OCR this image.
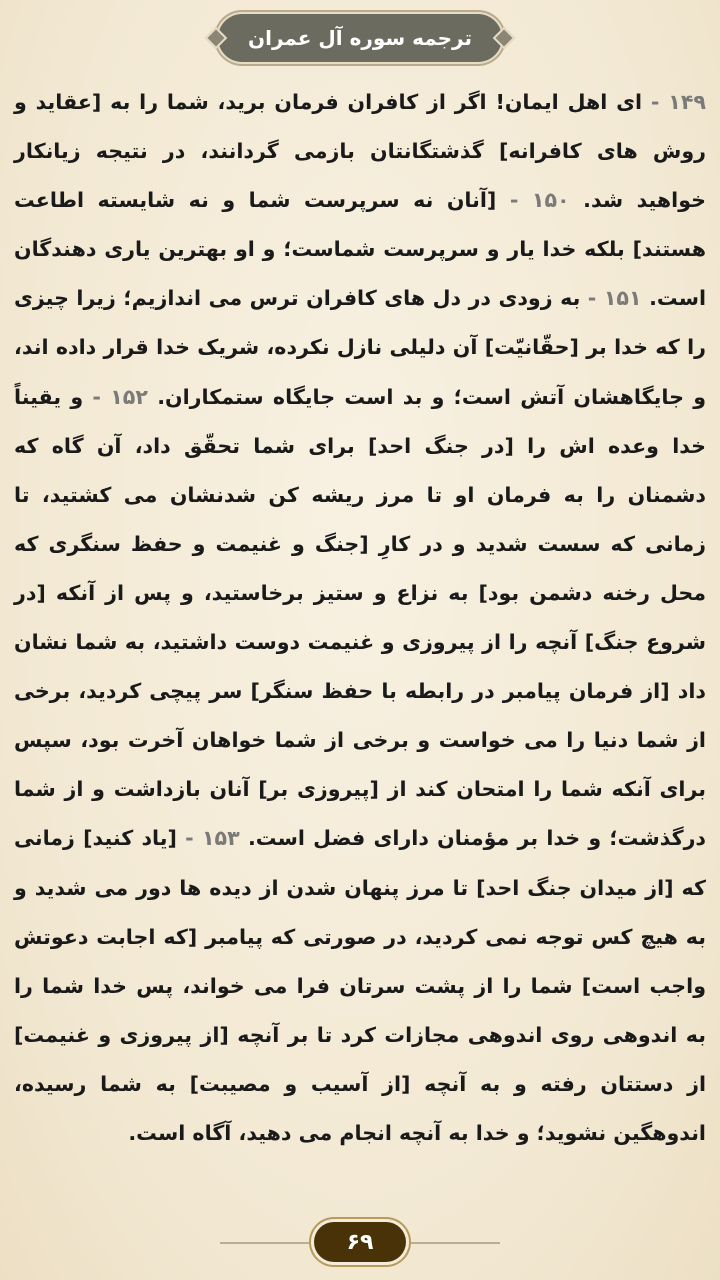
ترجمه سوره آل عمران
۱۴۹ - ای اهل ایمان! اگر از کافران فرمان برید، شما را به [عقاید و روش های کافرانه] گذشتگانتان بازمی گردانند، در نتیجه زیانکار خواهید شد. ۱۵۰ - [آنان نه سرپرست شما و نه شایسته اطاعت هستند] بلکه خدا یار و سرپرست شماست؛ و او بهترین یاری دهندگان است. ۱۵۱ - به زودی در دل های کافران ترس می اندازیم؛ زیرا چیزی را که خدا بر [حقّانیّت] آن دلیلی نازل نکرده، شریک خدا قرار داده اند، و جایگاهشان آتش است؛ و بد است جایگاه ستمکاران. ۱۵۲ - و یقیناً خدا وعده اش را [در جنگ احد] برای شما تحقّق داد، آن گاه که دشمنان را به فرمان او تا مرز ریشه کن شدنشان می کشتید، تا زمانی که سست شدید و در کارِ [جنگ و غنیمت و حفظ سنگری که محل رخنه دشمن بود] به نزاع و ستیز برخاستید، و پس از آنکه [در شروع جنگ] آنچه را از پیروزی و غنیمت دوست داشتید، به شما نشان داد [از فرمان پیامبر در رابطه با حفظ سنگر] سر پیچی کردید، برخی از شما دنیا را می خواست و برخی از شما خواهان آخرت بود، سپس برای آنکه شما را امتحان کند از [پیروزی بر] آنان بازداشت و از شما درگذشت؛ و خدا بر مؤمنان دارای فضل است. ۱۵۳ - [یاد کنید] زمانی که [از میدان جنگ احد] تا مرز پنهان شدن از دیده ها دور می شدید و به هیچ کس توجه نمی کردید، در صورتی که پیامبر [که اجابت دعوتش واجب است] شما را از پشت سرتان فرا می خواند، پس خدا شما را به اندوهی روی اندوهی مجازات کرد تا بر آنچه [از پیروزی و غنیمت] از دستتان رفته و به آنچه [از آسیب و مصیبت] به شما رسیده، اندوهگین نشوید؛ و خدا به آنچه انجام می دهید، آگاه است.
۶۹
